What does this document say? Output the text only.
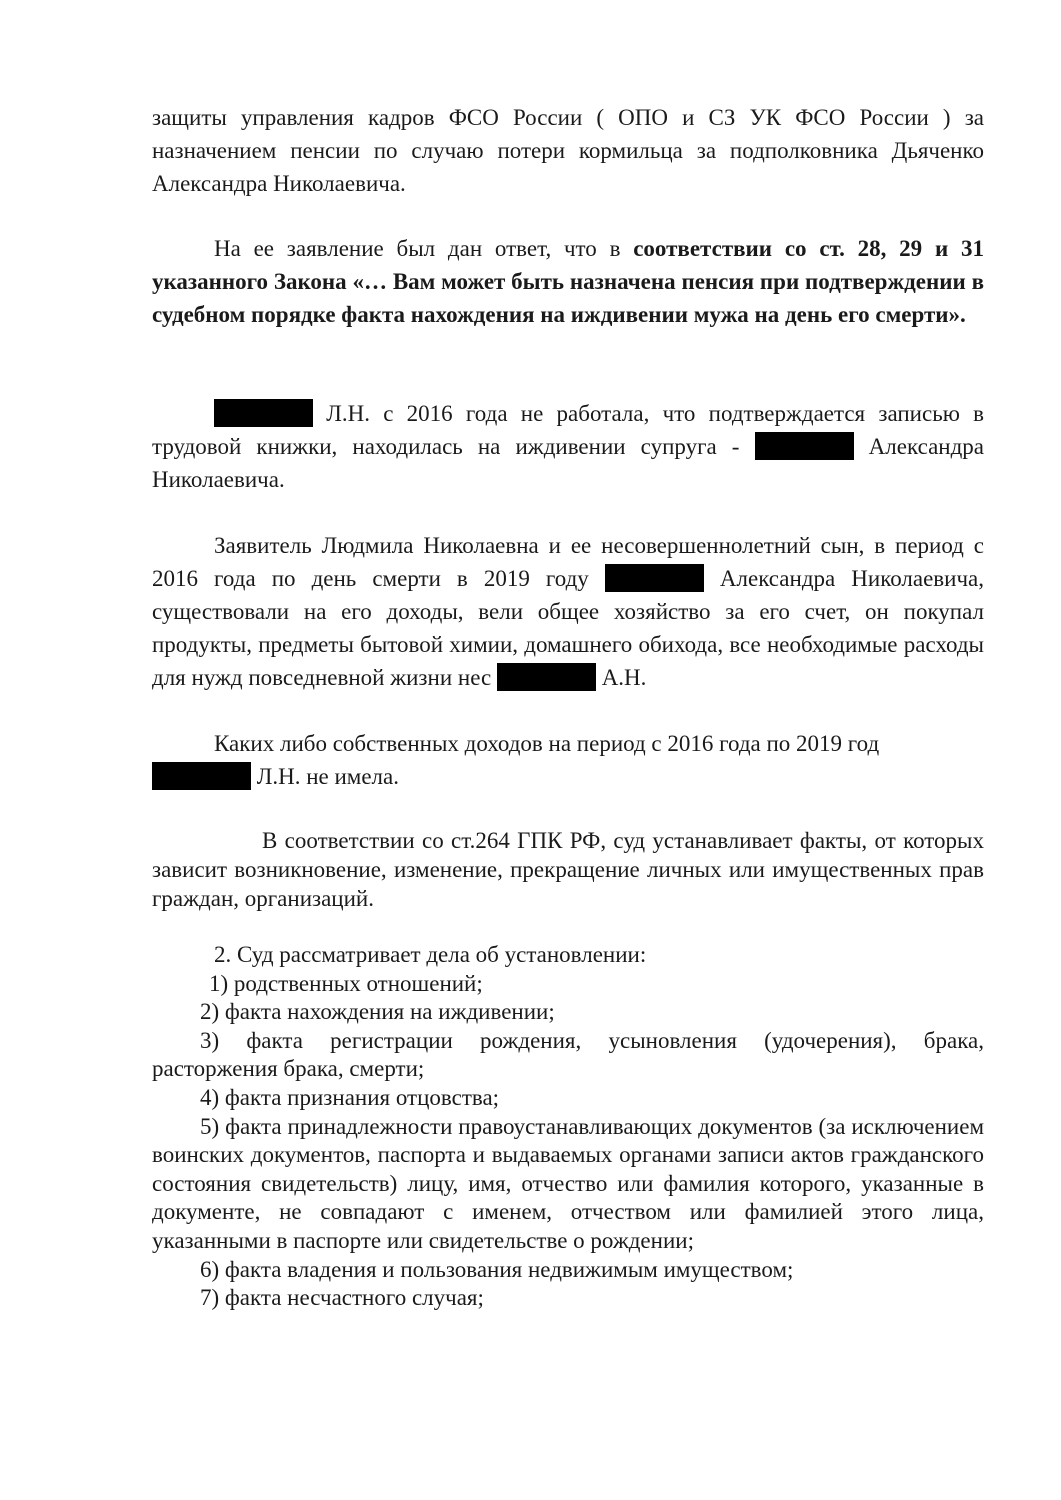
защиты управления кадров ФСО России ( ОПО и СЗ УК ФСО России ) за назначением пенсии по случаю потери кормильца за подполковника Дьяченко Александра Николаевича.

На ее заявление был дан ответ, что в соответствии со ст. 28, 29 и 31 указанного Закона «… Вам может быть назначена пенсия при подтверждении в судебном порядке факта нахождения на иждивении мужа на день его смерти».

Л.Н. с 2016 года не работала, что подтверждается записью в трудовой книжки, находилась на иждивении супруга -	Александра Николаевича.

Заявитель Людмила Николаевна и ее несовершеннолетний сын, в период с 2016 года по день смерти в 2019 году	Александра Николаевича, существовали на его доходы, вели общее хозяйство за его счет, он покупал продукты, предметы бытовой химии, домашнего обихода, все необходимые расходы для нужд повседневной жизни нес	А.Н.

Каких либо собственных доходов на период с 2016 года по 2019 год
Л.Н. не имела.

В соответствии со ст.264 ГПК РФ, суд устанавливает факты, от которых зависит возникновение, изменение, прекращение личных или имущественных прав граждан, организаций.

2. Суд рассматривает дела об установлении:

1) родственных отношений;

2) факта нахождения на иждивении;

3) факта регистрации рождения, усыновления (удочерения), брака, расторжения брака, смерти;

4) факта признания отцовства;

5) факта принадлежности правоустанавливающих документов (за исключением воинских документов, паспорта и выдаваемых органами записи актов гражданского состояния свидетельств) лицу, имя, отчество или фамилия которого, указанные в документе, не совпадают с именем, отчеством или фамилией этого лица, указанными в паспорте или свидетельстве о рождении;

6) факта владения и пользования недвижимым имуществом;

7) факта несчастного случая;
